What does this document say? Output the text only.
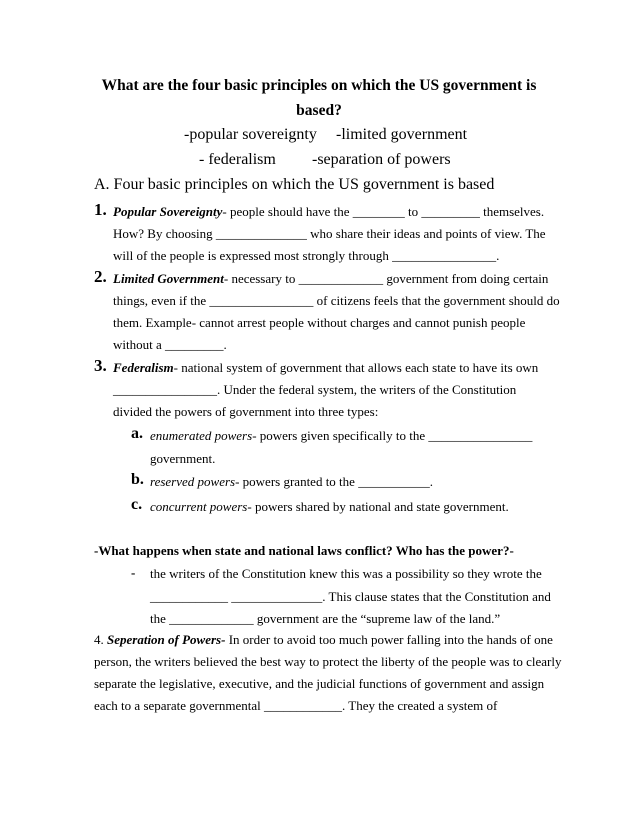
What are the four basic principles on which the US government is
based?
-popular sovereignty -limited government
- federalism -separation of powers
A. Four basic principles on which the US government is based
1. Popular Sovereignty- people should have the ________ to _________ themselves.
How? By choosing ______________ who share their ideas and points of view. The
will of the people is expressed most strongly through ________________.
2. Limited Government- necessary to _____________ government from doing certain
things, even if the ________________ of citizens feels that the government should do
them. Example- cannot arrest people without charges and cannot punish people
without a _________.
3. Federalism- national system of government that allows each state to have its own
________________. Under the federal system, the writers of the Constitution
divided the powers of government into three types:
a. enumerated powers- powers given specifically to the ________________
government.
b. reserved powers- powers granted to the ___________.
c. concurrent powers- powers shared by national and state government.
-What happens when state and national laws conflict? Who has the power?-
- the writers of the Constitution knew this was a possibility so they wrote the
____________ ______________. This clause states that the Constitution and
the _____________ government are the “supreme law of the land.”
4. Seperation of Powers- In order to avoid too much power falling into the hands of one
person, the writers believed the best way to protect the liberty of the people was to clearly
separate the legislative, executive, and the judicial functions of government and assign
each to a separate governmental ____________. They the created a system of
